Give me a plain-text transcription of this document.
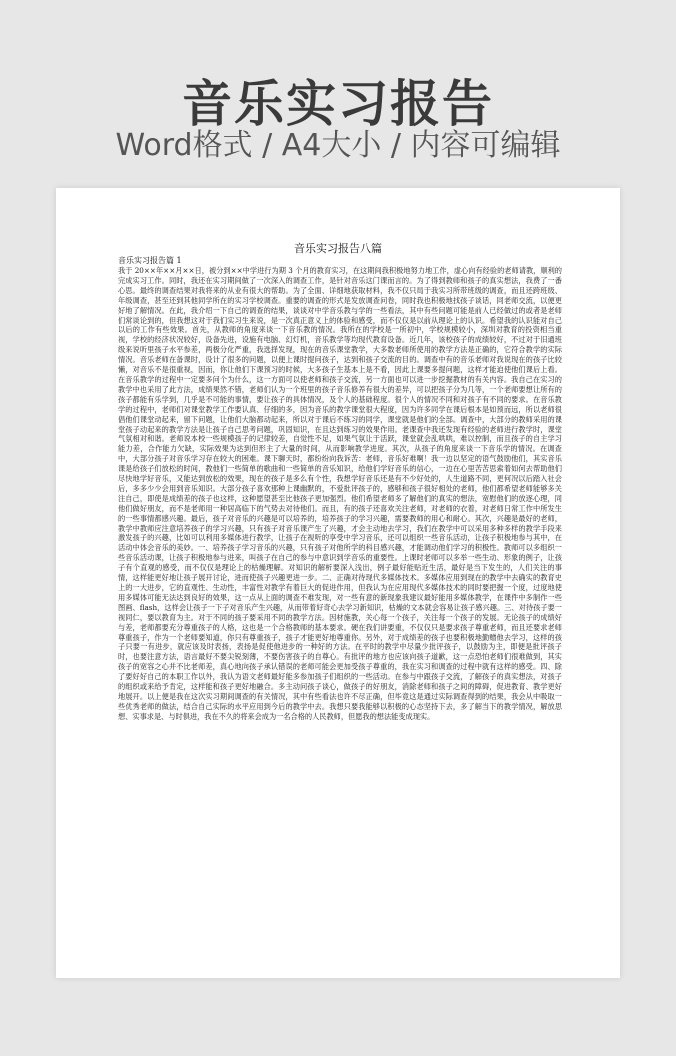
音乐实习报告
Word格式 / A4大小 / 内容可编辑
音乐实习报告八篇
音乐实习报告篇 1
我于 20××年××月××日，被分到××中学进行为期 3 个月的教育实习，在这期间我积极地努力地工作，虚心向有经验的老师请教，顺利的完成实习工作。同时，我还在实习期间做了一次深入的调查工作，是针对音乐这门课而言的。为了得到教师和孩子的真实想法，我费了一番心思。最终的调查结果对我将来的从业有很大的帮助。为了全面、详细地获取材料，我不仅只局于我实习所带班级的调查，而且还跨班级、年级调查，甚至还到其他同学所在的实习学校调查。重要的调查的形式是发放调查问卷，同时我也积极地找孩子谈话，同老师交流，以便更好地了解情况。在此，我介绍一下自己的调查的结果，谈谈对中学音乐教与学的一些看法，其中有些问题可能是前人已经做过的或者是老师们常谈论到的，但我想这对于我们实习生来说，是一次真正意义上的体验和感受，而不仅仅是以前从理论上的认识。希望我的认识能对自己以后的工作有些效果。首先，从教师的角度来谈一下音乐教的情况。我所在的学校是一所初中，学校规模较小，深圳对教育的投资相当重视，学校的经济状况较好，设备先进，设施有电脑、幻灯机，音乐教学等均现代教育设备。近几年，该校孩子的成绩较好，不过对于旧通班级来说听里孩子水平参差，两极分化严重，我选择发现，现在的音乐课堂教学，大多数老师所使用的教学方法是正确的，它符合教学的实际情况。音乐老师在备课时，设计了很多的问题，以便上课时提问孩子，达到和孩子交流的目的。调查中有的音乐老师对我说现在的孩子比较懒，对音乐不是很重视，因而，你让他们下课预习的时候，大多孩子生基本上是不看，因此上课要多提问题，这样才能迫使他们课后上看。在音乐教学的过程中一定要多问个为什么，这一方面可以使老师和孩子交流，另一方面也可以进一步挖掘教材的有关内容。我自己在实习的教学中也采用了此方法，成绩果然不错，老师们认为一个班里的孩子音乐修养有很大的差异，可以把孩子分为几等，一个老师要想让所有的孩子都能有乐学到，几乎是不可能的事情，要让孩子的具体情况，及个人的基础程度。很个人的情况不同和对孩子有不同的要求。在音乐教学的过程中，老师们对课堂教学工作要认真、仔细的多，因为音乐的教学课堂很大程度，因为许多同学在课后根本是如预而远，所以老师很倡他们课堂动起来，留下问题，让他们大脑都动起来，所以对于课后不练习的同学，课堂就是他们的全部。调查中，大部分的教师采用的课堂孩子动起来的教学方法是让孩子自己思考问题，巩固知识，在且达到练习的效果作用。老课查中我还发现有经验的老师进行教学时，课堂气氛相对和谐。老师说本校一些规模孩子的记律较差，自觉性不足，如果气氛让于活跃，课堂就会乱哄哄，难以控制，而且孩子的自主学习能力差，合作能力欠缺，实际效果为达到但形主了大量的时间，从而影响教学进度。其次，从孩子的角度来谈一下音乐学的情况。在调查中，大部分孩子对音乐学习存在较大的困难。课下聊天时，都纷纷向我诉苦：老师，音乐好难啊！我一边以坚定的语气鼓励他们，其实音乐课是给孩子们放松的时间，教他们一些简单的歌曲和一些简单的音乐知识，给他们学好音乐的信心，一边在心里苦苦思索着如何去帮助他们尽快地学好音乐，又能达到放松的效果，现在的孩子是多么有个性，我想学好音乐还是有不少好处的，人生道路不同，更何况以后踏入社会后，多多少少会用到音乐知识。大部分孩子喜欢那种上课幽默的，不爱批评孩子的，感够和孩子很好相处的老师，他们都希望老师能够多关注自己，即使是成绩差的孩子也这样，这种愿望甚至比他孩子更加强烈。他们希望老师多了解他们的真实的想法，宽慰他们的放逐心理，同他们做好朋友，而不是老师用一种居高临下的气势去对待他们。而且，有的孩子还喜欢关注老师，对老师的衣着，对老师日常工作中所发生的一些事情都感兴趣。最后，孩子对音乐的兴趣是可以培养的，培养孩子的学习兴趣，需要教师的用心和耐心。其次，兴趣是最好的老师，教学中教师应注意培养孩子的学习兴趣，只有孩子对音乐课产生了兴趣，才会主动地去学习，我们在教学中可以采用多种多样的教学手段来激发孩子的兴趣，比如可以利用多媒体进行教学，让孩子在视听的享受中学习音乐，还可以组织一些音乐活动，让孩子积极地参与其中，在活动中体会音乐的美妙。一、培养孩子学习音乐的兴趣，只有孩子对他所学的科目感兴趣，才能调动他们学习的积极性。教师可以多组织一些音乐活动课，让孩子积极地参与进来，叫孩子在自己的参与中意识到学音乐的重要性。上课时老师可以多举一些生动、形象的例子，让孩子有个直观的感受，而不仅仅是理论上的枯燥理解。对知识的解析要深入浅出，例子最好能贴近生活，最好是当下发生的，人们关注的事情，这样能更好地让孩子展开讨论，进而使孩子兴趣更进一步。二、正确对待现代多媒体技术。多媒体应用到现在的教学中去确实的教育史上的一大进步，它的直观性、生动性，丰富性对教学有着巨大的促进作用，但我认为在应用现代多媒体技术的同时要把握一个度，过度地使用多媒体可能无法达到良好的效果，这一点从上面的调查不难发现，对一些有意的新现象我建议最好能用多媒体教学，在课件中多制作一些图画、flash，这样会让孩子一下子对音乐产生兴趣，从而带着好奇心去学习新知识，枯燥的文本就会容易让孩子感兴趣。三、对待孩子要一视同仁，要以教育为主。对于不同的孩子要采用不同的教学方法。因材施教，关心每一个孩子，关注每一个孩子的发展。无论孩子的成绩好与差，老师都要充分尊重孩子的人格，这也是一个合格教师的基本要求。硬在我们讲要重，不仅仅只是要求孩子尊重老师，而且还要求老师尊重孩子，作为一个老师要知道，你只有尊重孩子，孩子才能更好地尊重你。另外，对于成绩差的孩子也要积极地勤赠他去学习，这样的孩子只要一有进步，就应该及时表扬，表扬是促使他进步的一种好的方法。在平时的教学中尽量少批评孩子，以鼓励为主，即便是批评孩子时，也要注意方法，语言最好不要尖锐刻薄，不要伤害孩子的自尊心。有批评的地方也应该向孩子道歉，这一点恐怕老师们很难做到，其实孩子的宽容之心并不比老师差，真心地向孩子承认错误的老师可能会更加受孩子尊重的，我在实习和调查的过程中就有这样的感受。四、除了要好好自己的本职工作以外，我认为语文老师最好能多参加孩子们组织的一些活动。在参与中跟孩子交流，了解孩子的真实想法，对孩子的组织或来给予肯定，这样能和孩子更好地融合。多主动问孩子谈心，做孩子的好朋友，消除老师和孩子之间的障碍，促进教育、教学更好地展开。以上便是我在这次实习期间调查的有关情况，其中有些看法也许不尽正确，但毕竟这是通过实际调查得到的结果，我会从中吸取一些优秀老师的做法，结合自己实际的水平应用到今后的教学中去。我想只要我能够以积极的心态坚持下去，多了解当下的教学情况，解放思想、实事求是、与时俱进，我在不久的将来会成为一名合格的人民教师，但愿我的想法能变成现实。
